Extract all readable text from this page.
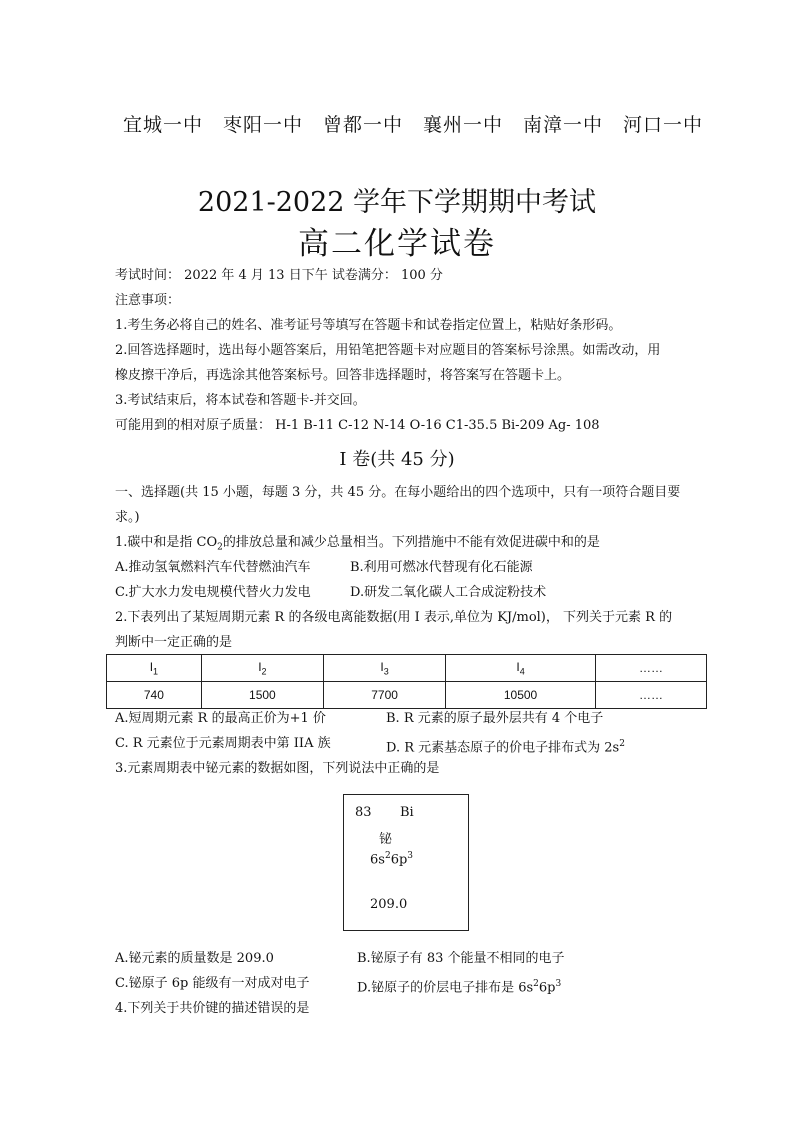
宜城一中　枣阳一中　曾都一中　襄州一中　南漳一中　河口一中
2021-2022 学年下学期期中考试
高二化学试卷
考试时间： 2022 年 4 月 13 日下午 试卷满分： 100 分
注意事项：
1.考生务必将自己的姓名、准考证号等填写在答题卡和试卷指定位置上，粘贴好条形码。
2.回答选择题时，选出每小题答案后，用铅笔把答题卡对应题目的答案标号涂黑。如需改动，用
橡皮擦干净后，再选涂其他答案标号。回答非选择题时，将答案写在答题卡上。
3.考试结束后，将本试卷和答题卡-并交回。
可能用到的相对原子质量： H-1 B-11 C-12 N-14 O-16 C1-35.5 Bi-209 Ag- 108
I 卷(共 45 分)
一、选择题(共 15 小题，每题 3 分，共 45 分。在每小题给出的四个选项中，只有一项符合题目要
求。)
1.碳中和是指 $CO_2$的排放总量和减少总量相当。下列措施中不能有效促进碳中和的是
A.推动氢氧燃料汽车代替燃油汽车	B.利用可燃冰代替现有化石能源
C.扩大水力发电规模代替火力发电	D.研发二氧化碳人工合成淀粉技术
2.下表列出了某短周期元素 R 的各级电离能数据(用 I 表示,单位为 KJ/mol)， 下列关于元素 R 的
判断中一定正确的是
$I_1$	$I_2$	$I_3$	$I_4$	……
740	1500	7700	10500	……
A.短周期元素 R 的最高正价为+1 价	B. R 元素的原子最外层共有 4 个电子
C. R 元素位于元素周期表中第 IIA 族	D. R 元素基态原子的价电子排布式为 $2s^2$
3.元素周期表中铋元素的数据如图，下列说法中正确的是
83 Bi
铋
$6s^26p^3$
209.0
A.铋元素的质量数是 209.0	B.铋原子有 83 个能量不相同的电子
C.铋原子 6p 能级有一对成对电子	D.铋原子的价层电子排布是 $6s^26p^3$
4.下列关于共价键的描述错误的是
